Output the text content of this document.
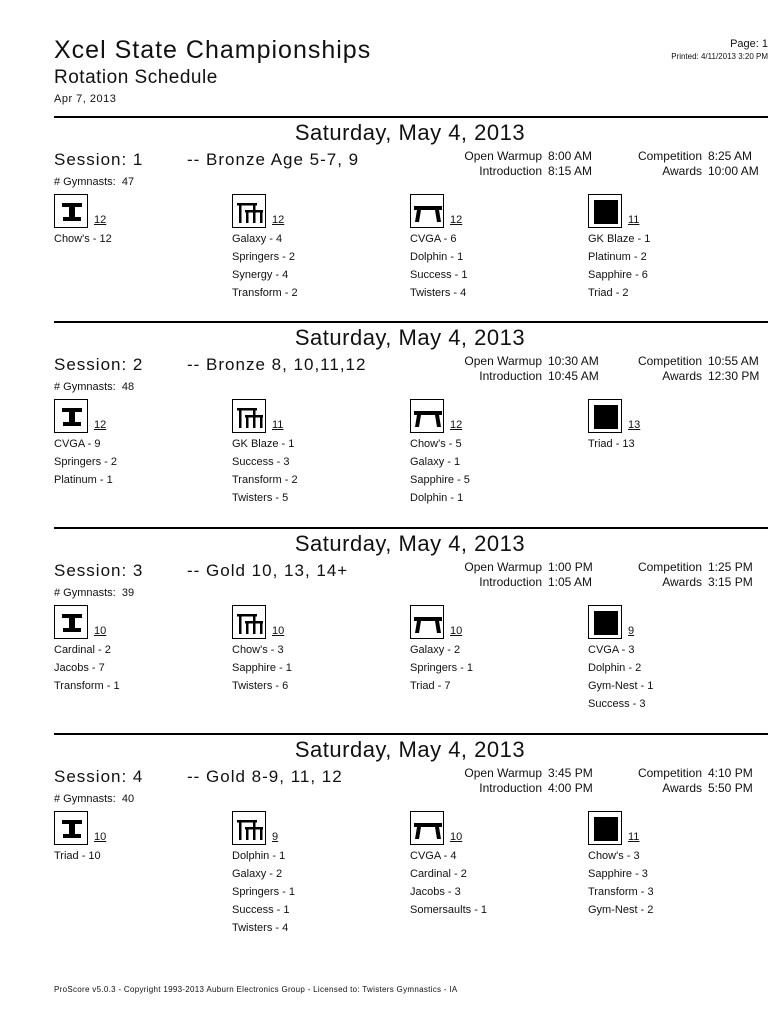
Xcel State Championships
Rotation Schedule
Apr 7, 2013
Page: 1
Printed: 4/11/2013 3:20 PM
Saturday, May 4, 2013
Session: 1	-- Bronze Age 5-7, 9
# Gymnasts: 47
Open Warmup 8:00 AM
Introduction 8:15 AM
Competition 8:25 AM
Awards 10:00 AM
12
Chow's - 12
12
Galaxy - 4
Springers - 2
Synergy - 4
Transform - 2
12
CVGA - 6
Dolphin - 1
Success - 1
Twisters - 4
11
GK Blaze - 1
Platinum - 2
Sapphire - 6
Triad - 2
Saturday, May 4, 2013
Session: 2	-- Bronze 8, 10,11,12
# Gymnasts: 48
Open Warmup 10:30 AM
Introduction 10:45 AM
Competition 10:55 AM
Awards 12:30 PM
12
CVGA - 9
Springers - 2
Platinum - 1
11
GK Blaze - 1
Success - 3
Transform - 2
Twisters - 5
12
Chow's - 5
Galaxy - 1
Sapphire - 5
Dolphin - 1
13
Triad - 13
Saturday, May 4, 2013
Session: 3	-- Gold 10, 13, 14+
# Gymnasts: 39
Open Warmup 1:00 PM
Introduction 1:05 AM
Competition 1:25 PM
Awards 3:15 PM
10
Cardinal - 2
Jacobs - 7
Transform - 1
10
Chow's - 3
Sapphire - 1
Twisters - 6
10
Galaxy - 2
Springers - 1
Triad - 7
9
CVGA - 3
Dolphin - 2
Gym-Nest - 1
Success - 3
Saturday, May 4, 2013
Session: 4	-- Gold 8-9, 11, 12
# Gymnasts: 40
Open Warmup 3:45 PM
Introduction 4:00 PM
Competition 4:10 PM
Awards 5:50 PM
10
Triad - 10
9
Dolphin - 1
Galaxy - 2
Springers - 1
Success - 1
Twisters - 4
10
CVGA - 4
Cardinal - 2
Jacobs - 3
Somersaults - 1
11
Chow's - 3
Sapphire - 3
Transform - 3
Gym-Nest - 2
ProScore v5.0.3 - Copyright 1993-2013 Auburn Electronics Group - Licensed to: Twisters Gymnastics - IA
